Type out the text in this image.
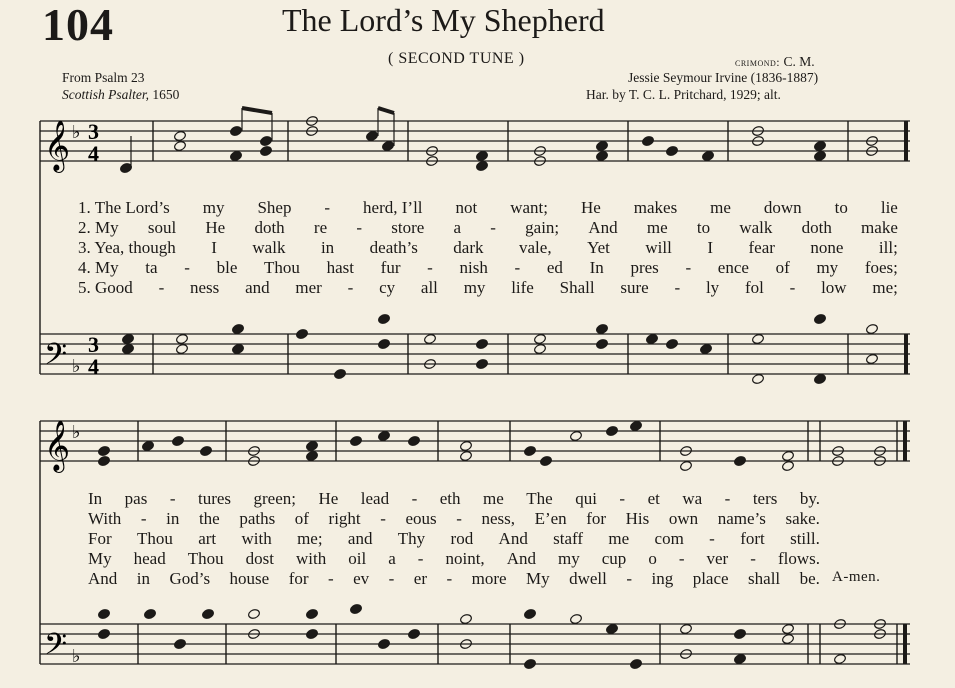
104	The Lord’s My Shepherd
( SECOND TUNE )	crimond: C. M.
From Psalm 23
Scottish Psalter, 1650
Jessie Seymour Irvine (1836-1887)
Har. by T. C. L. Pritchard, 1929; alt.
𝄞
𝄢
𝄞
𝄢
♭
♭
♭
♭
3
4
3
4
1. The Lord’s my Shep - herd, I’ll not want; He makes me down to lie
2. My soul He doth re - store a - gain; And me to walk doth make
3. Yea, though I walk in death’s dark vale, Yet will I fear none ill;
4. My ta - ble Thou hast fur - nish - ed In pres - ence of my foes;
5. Good - ness and mer - cy all my life Shall sure - ly fol - low me;
In pas - tures green; He lead - eth me The qui - et wa - ters by.
With - in the paths of right - eous - ness, E’en for His own name’s sake.
For Thou art with me; and Thy rod And staff me com - fort still.
My head Thou dost with oil a - noint, And my cup o - ver - flows.
And in God’s house for - ev - er - more My dwell - ing place shall be. A-men.
